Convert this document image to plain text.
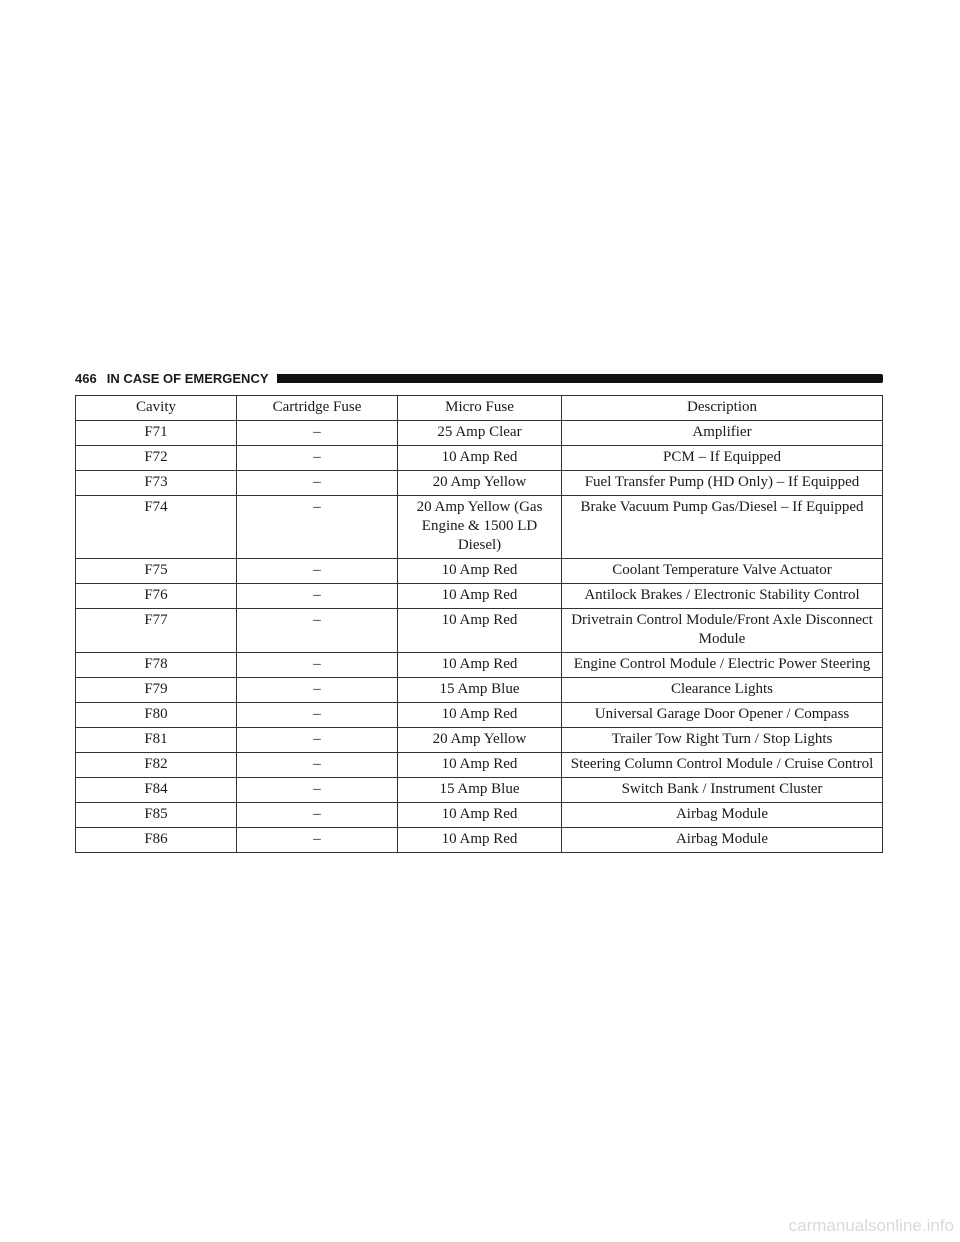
466 IN CASE OF EMERGENCY
Cavity	Cartridge Fuse	Micro Fuse	Description
F71	–	25 Amp Clear	Amplifier
F72	–	10 Amp Red	PCM – If Equipped
F73	–	20 Amp Yellow	Fuel Transfer Pump (HD Only) – If Equipped
F74	–	20 Amp Yellow (Gas Engine & 1500 LD Diesel)	Brake Vacuum Pump Gas/Diesel – If Equipped
F75	–	10 Amp Red	Coolant Temperature Valve Actuator
F76	–	10 Amp Red	Antilock Brakes / Electronic Stability Control
F77	–	10 Amp Red	Drivetrain Control Module/Front Axle Disconnect Module
F78	–	10 Amp Red	Engine Control Module / Electric Power Steering
F79	–	15 Amp Blue	Clearance Lights
F80	–	10 Amp Red	Universal Garage Door Opener / Compass
F81	–	20 Amp Yellow	Trailer Tow Right Turn / Stop Lights
F82	–	10 Amp Red	Steering Column Control Module / Cruise Control
F84	–	15 Amp Blue	Switch Bank / Instrument Cluster
F85	–	10 Amp Red	Airbag Module
F86	–	10 Amp Red	Airbag Module
carmanualsonline.info
